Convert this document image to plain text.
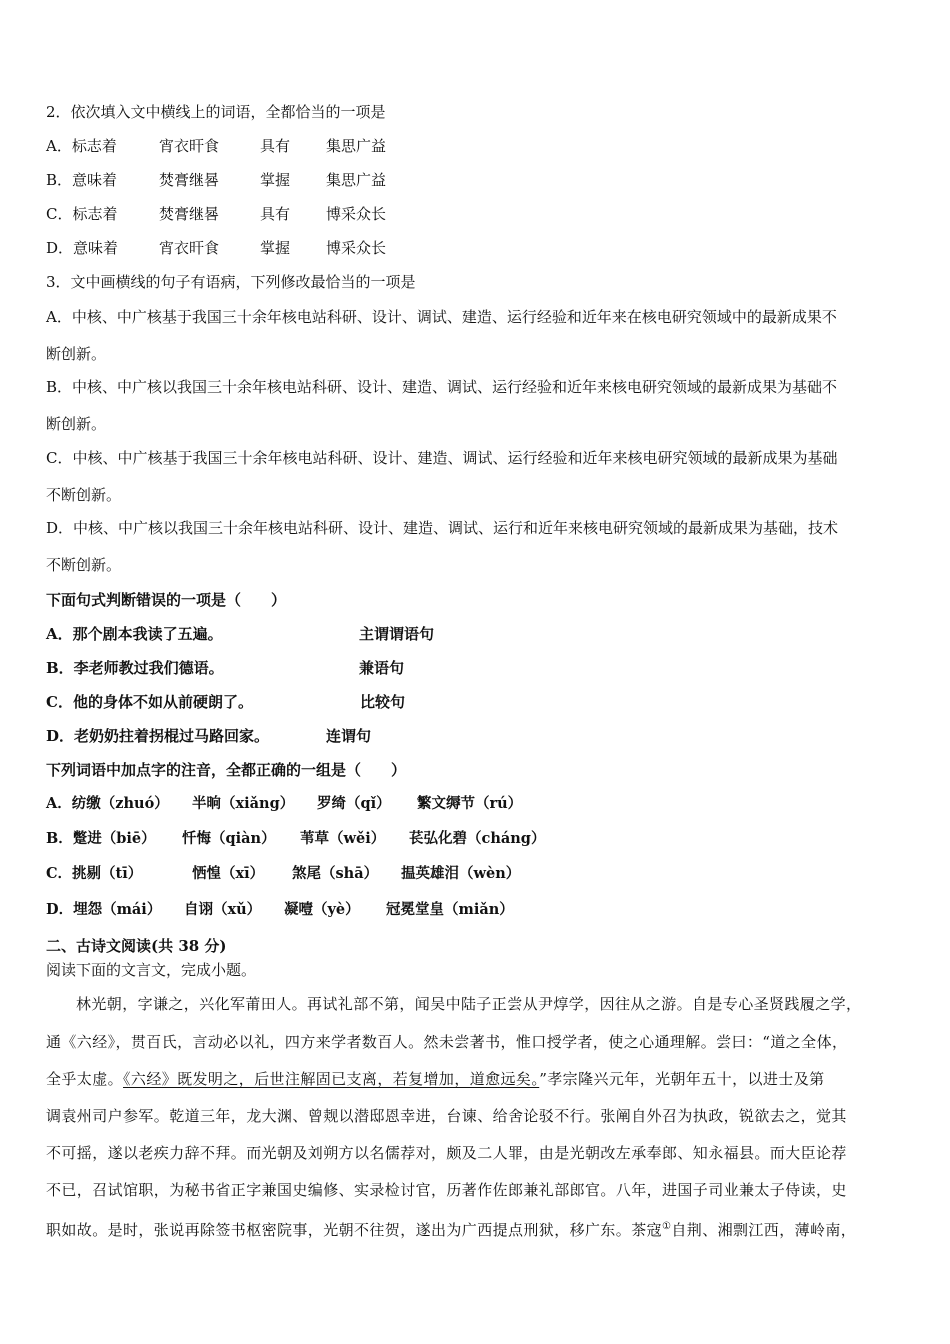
2．依次填入文中横线上的词语，全都恰当的一项是
A．标志着	宵衣旰食	具有 集思广益
B．意味着	焚膏继晷	掌握 集思广益
C．标志着	焚膏继晷	具有 博采众长
D．意味着	宵衣旰食	掌握 博采众长
3．文中画横线的句子有语病，下列修改最恰当的一项是
A．中核、中广核基于我国三十余年核电站科研、设计、调试、建造、运行经验和近年来在核电研究领域中的最新成果不
断创新。
B．中核、中广核以我国三十余年核电站科研、设计、建造、调试、运行经验和近年来核电研究领域的最新成果为基础不
断创新。
C．中核、中广核基于我国三十余年核电站科研、设计、建造、调试、运行经验和近年来核电研究领域的最新成果为基础
不断创新。
D．中核、中广核以我国三十余年核电站科研、设计、建造、调试、运行和近年来核电研究领域的最新成果为基础，技术
不断创新。
下面句式判断错误的一项是（　　）
A．那个剧本我读了五遍。	主谓谓语句
B．李老师教过我们德语。	兼语句
C．他的身体不如从前硬朗了。	比较句
D．老奶奶拄着拐棍过马路回家。	连谓句
下列词语中加点字的注音，全都正确的一组是（　　）
A．纺缴（zhuó） 半晌（xiǎng） 罗绮（qǐ） 繁文缛节（rú）
B．蹩进（biē） 忏悔（qiàn） 苇草（wěi） 苌弘化碧（cháng）
C．挑剔（tī）	恓惶（xī） 煞尾（shā） 揾英雄泪（wèn）
D．埋怨（mái） 自诩（xǔ） 凝噎（yè） 冠冕堂皇（miǎn）
二、古诗文阅读(共 38 分)
阅读下面的文言文，完成小题。
林光朝，字谦之，兴化军莆田人。再试礼部不第，闻吴中陆子正尝从尹焞学，因往从之游。自是专心圣贤践履之学，
通《六经》，贯百氏，言动必以礼，四方来学者数百人。然未尝著书，惟口授学者，使之心通理解。尝曰：“道之全体，
全乎太虚。《六经》既发明之，后世注解固已支离，若复增加，道愈远矣。”孝宗隆兴元年，光朝年五十，以进士及第
调袁州司户参军。乾道三年，龙大渊、曾觌以潜邸恩幸进，台谏、给舍论驳不行。张阐自外召为执政，锐欲去之，觉其
不可摇，遂以老疾力辞不拜。而光朝及刘朔方以名儒荐对，颇及二人罪，由是光朝改左承奉郎、知永福县。而大臣论荐
不已，召试馆职，为秘书省正字兼国史编修、实录检讨官，历著作佐郎兼礼部郎官。八年，进国子司业兼太子侍读，史
职如故。是时，张说再除签书枢密院事，光朝不往贺，遂出为广西提点刑狱，移广东。茶寇①自荆、湘剽江西，薄岭南，
